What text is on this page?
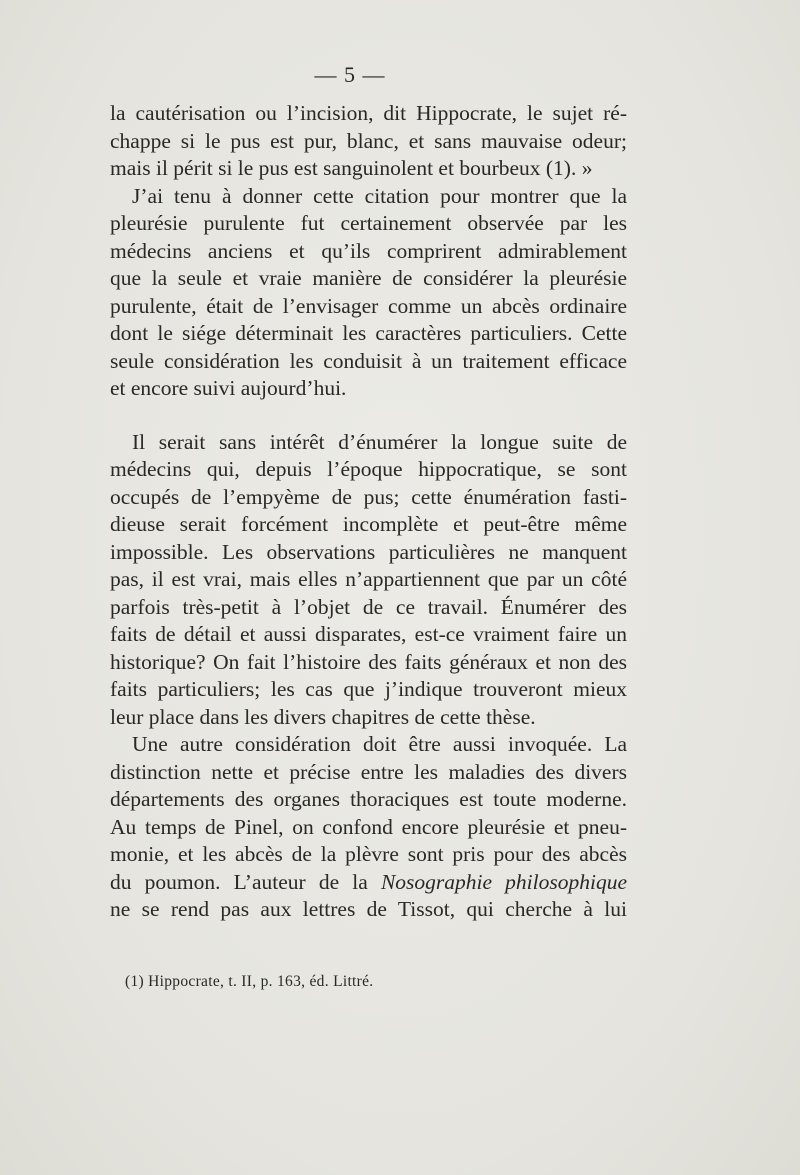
— 5 —

la cautérisation ou l’incision, dit Hippocrate, le sujet ré-

chappe si le pus est pur, blanc, et sans mauvaise odeur;

mais il périt si le pus est sanguinolent et bourbeux (1). »

J’ai tenu à donner cette citation pour montrer que la

pleurésie purulente fut certainement observée par les

médecins anciens et qu’ils comprirent admirablement

que la seule et vraie manière de considérer la pleurésie

purulente, était de l’envisager comme un abcès ordinaire

dont le siége déterminait les caractères particuliers. Cette

seule considération les conduisit à un traitement efficace

et encore suivi aujourd’hui.

Il serait sans intérêt d’énumérer la longue suite de

médecins qui, depuis l’époque hippocratique, se sont

occupés de l’empyème de pus; cette énumération fasti-

dieuse serait forcément incomplète et peut-être même

impossible. Les observations particulières ne manquent

pas, il est vrai, mais elles n’appartiennent que par un côté

parfois très-petit à l’objet de ce travail. Énumérer des

faits de détail et aussi disparates, est-ce vraiment faire un

historique? On fait l’histoire des faits généraux et non des

faits particuliers; les cas que j’indique trouveront mieux

leur place dans les divers chapitres de cette thèse.

Une autre considération doit être aussi invoquée. La

distinction nette et précise entre les maladies des divers

départements des organes thoraciques est toute moderne.

Au temps de Pinel, on confond encore pleurésie et pneu-

monie, et les abcès de la plèvre sont pris pour des abcès

du poumon. L’auteur de la Nosographie philosophique

ne se rend pas aux lettres de Tissot, qui cherche à lui

(1) Hippocrate, t. II, p. 163, éd. Littré.
